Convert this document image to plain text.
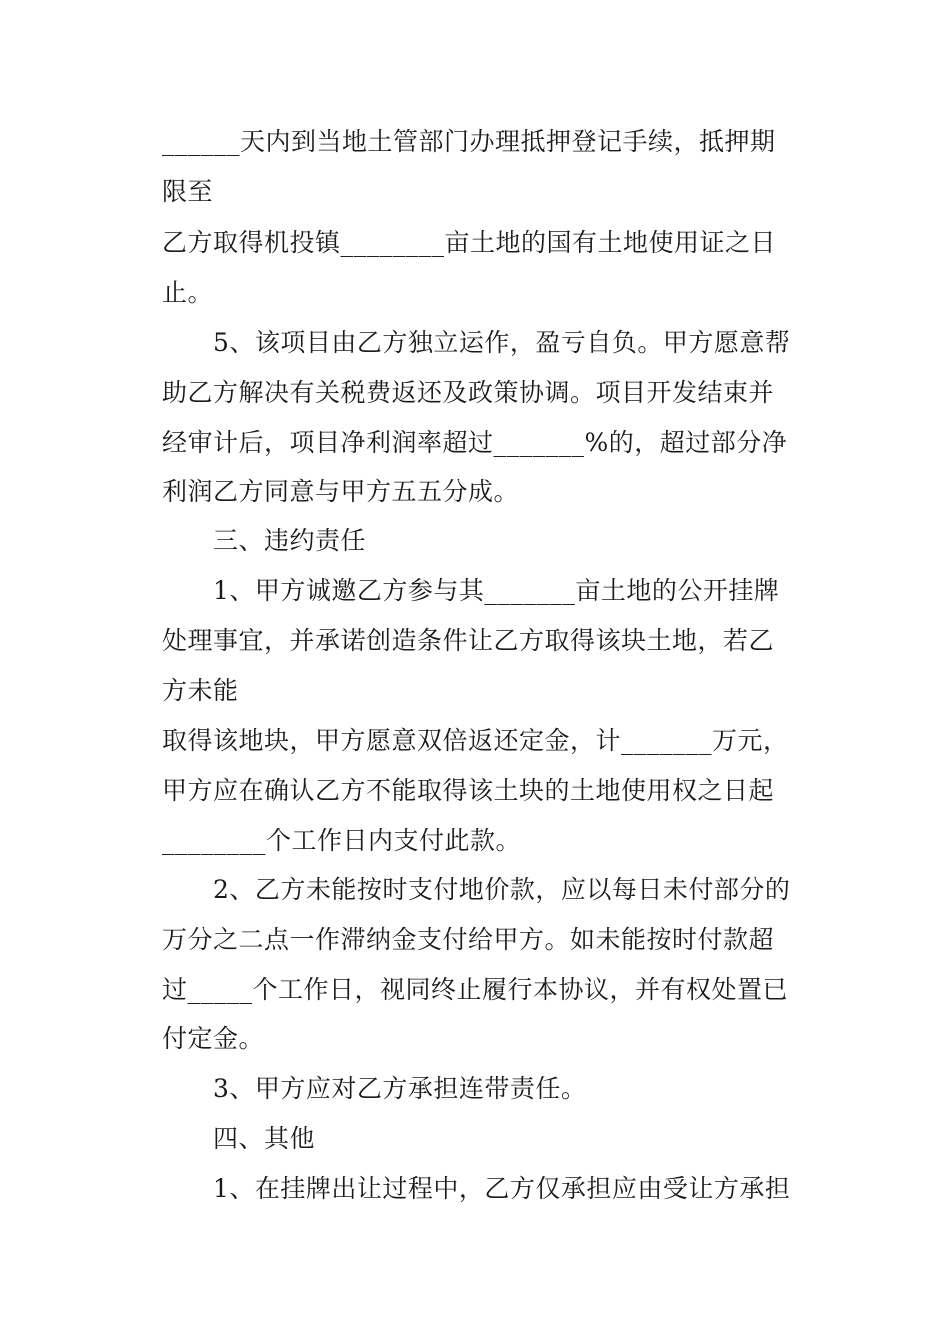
______天内到当地土管部门办理抵押登记手续，抵押期
限至
乙方取得机投镇________亩土地的国有土地使用证之日
止。
5、该项目由乙方独立运作，盈亏自负。甲方愿意帮
助乙方解决有关税费返还及政策协调。项目开发结束并
经审计后，项目净利润率超过_______%的，超过部分净
利润乙方同意与甲方五五分成。
三、违约责任
1、甲方诚邀乙方参与其_______亩土地的公开挂牌
处理事宜，并承诺创造条件让乙方取得该块土地，若乙
方未能
取得该地块，甲方愿意双倍返还定金，计_______万元，
甲方应在确认乙方不能取得该土块的土地使用权之日起
________个工作日内支付此款。
2、乙方未能按时支付地价款，应以每日未付部分的
万分之二点一作滞纳金支付给甲方。如未能按时付款超
过_____个工作日，视同终止履行本协议，并有权处置已
付定金。
3、甲方应对乙方承担连带责任。
四、其他
1、在挂牌出让过程中，乙方仅承担应由受让方承担
